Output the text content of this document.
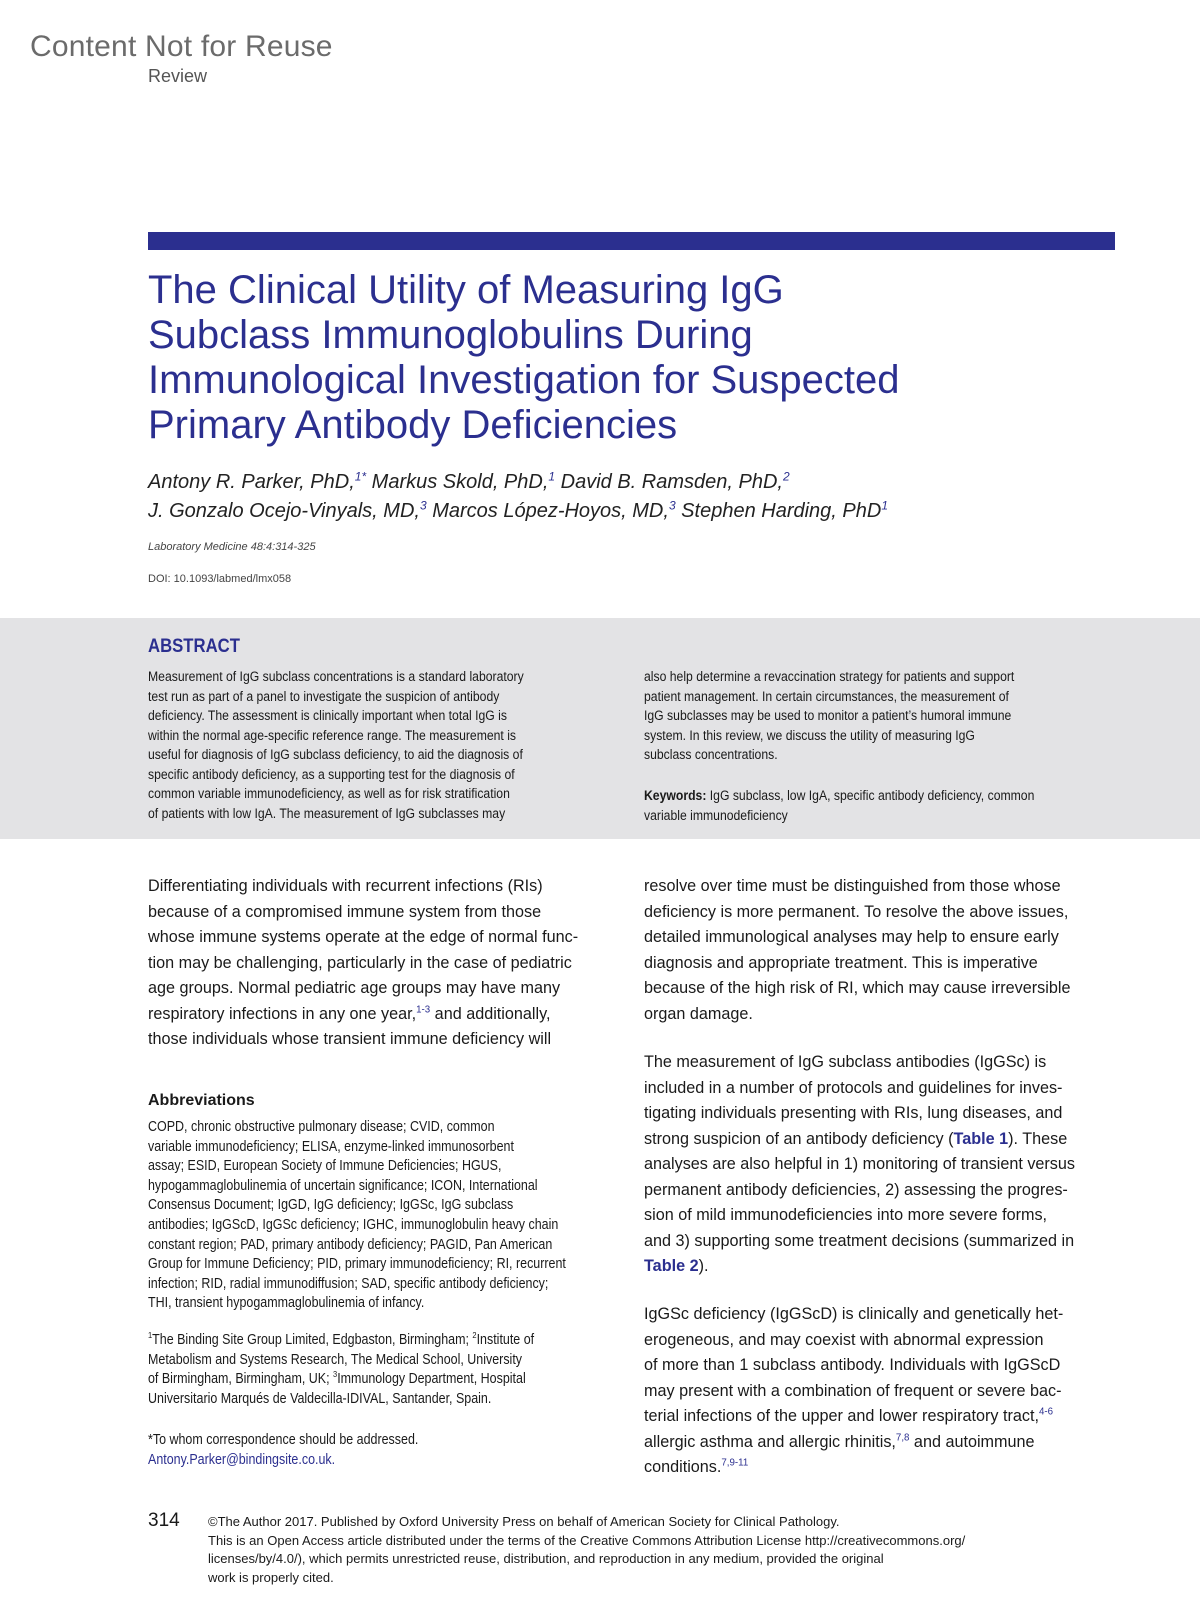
Content Not for Reuse
Review
The Clinical Utility of Measuring IgG
Subclass Immunoglobulins During
Immunological Investigation for Suspected
Primary Antibody Deficiencies
Antony R. Parker, PhD,$^{1*}$ Markus Skold, PhD,$^1$ David B. Ramsden, PhD,$^2$
J. Gonzalo Ocejo-Vinyals, MD,$^3$ Marcos López-Hoyos, MD,$^3$ Stephen Harding, PhD$^1$
Laboratory Medicine 48:4:314-325
DOI: 10.1093/labmed/lmx058
ABSTRACT
Measurement of IgG subclass concentrations is a standard laboratory
test run as part of a panel to investigate the suspicion of antibody
deficiency. The assessment is clinically important when total IgG is
within the normal age-specific reference range. The measurement is
useful for diagnosis of IgG subclass deficiency, to aid the diagnosis of
specific antibody deficiency, as a supporting test for the diagnosis of
common variable immunodeficiency, as well as for risk stratification
of patients with low IgA. The measurement of IgG subclasses may
also help determine a revaccination strategy for patients and support
patient management. In certain circumstances, the measurement of
IgG subclasses may be used to monitor a patient’s humoral immune
system. In this review, we discuss the utility of measuring IgG
subclass concentrations.
Keywords: IgG subclass, low IgA, specific antibody deficiency, common
variable immunodeficiency
Differentiating individuals with recurrent infections (RIs)
because of a compromised immune system from those
whose immune systems operate at the edge of normal func-
tion may be challenging, particularly in the case of pediatric
age groups. Normal pediatric age groups may have many
respiratory infections in any one year,$^{1-3}$ and additionally,
those individuals whose transient immune deficiency will
Abbreviations
COPD, chronic obstructive pulmonary disease; CVID, common
variable immunodeficiency; ELISA, enzyme-linked immunosorbent
assay; ESID, European Society of Immune Deficiencies; HGUS,
hypogammaglobulinemia of uncertain significance; ICON, International
Consensus Document; IgGD, IgG deficiency; IgGSc, IgG subclass
antibodies; IgGScD, IgGSc deficiency; IGHC, immunoglobulin heavy chain
constant region; PAD, primary antibody deficiency; PAGID, Pan American
Group for Immune Deficiency; PID, primary immunodeficiency; RI, recurrent
infection; RID, radial immunodiffusion; SAD, specific antibody deficiency;
THI, transient hypogammaglobulinemia of infancy.
$^1$The Binding Site Group Limited, Edgbaston, Birmingham; $^2$Institute of
Metabolism and Systems Research, The Medical School, University
of Birmingham, Birmingham, UK; $^3$Immunology Department, Hospital
Universitario Marqués de Valdecilla-IDIVAL, Santander, Spain.
*To whom correspondence should be addressed.
Antony.Parker@bindingsite.co.uk.
resolve over time must be distinguished from those whose
deficiency is more permanent. To resolve the above issues,
detailed immunological analyses may help to ensure early
diagnosis and appropriate treatment. This is imperative
because of the high risk of RI, which may cause irreversible
organ damage.
The measurement of IgG subclass antibodies (IgGSc) is
included in a number of protocols and guidelines for inves-
tigating individuals presenting with RIs, lung diseases, and
strong suspicion of an antibody deficiency (Table 1). These
analyses are also helpful in 1) monitoring of transient versus
permanent antibody deficiencies, 2) assessing the progres-
sion of mild immunodeficiencies into more severe forms,
and 3) supporting some treatment decisions (summarized in
Table 2).
IgGSc deficiency (IgGScD) is clinically and genetically het-
erogeneous, and may coexist with abnormal expression
of more than 1 subclass antibody. Individuals with IgGScD
may present with a combination of frequent or severe bac-
terial infections of the upper and lower respiratory tract,$^{4-6}$
allergic asthma and allergic rhinitis,$^{7,8}$ and autoimmune
conditions.$^{7,9-11}$
314 ©The Author 2017. Published by Oxford University Press on behalf of American Society for Clinical Pathology.
This is an Open Access article distributed under the terms of the Creative Commons Attribution License http://creativecommons.org/
licenses/by/4.0/), which permits unrestricted reuse, distribution, and reproduction in any medium, provided the original
work is properly cited.
